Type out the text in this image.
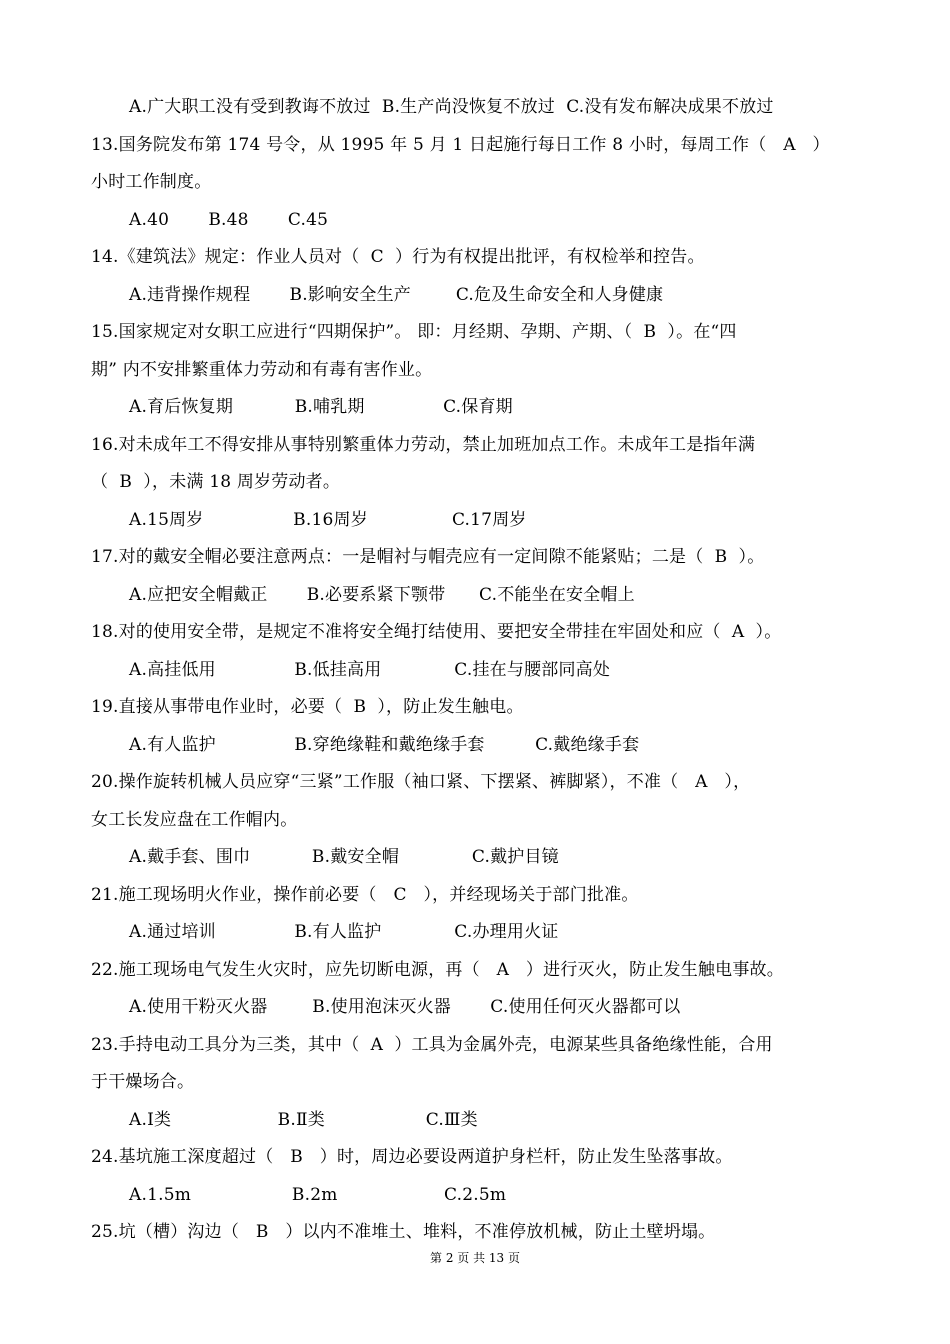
A.广大职工没有受到教诲不放过  B.生产尚没恢复不放过  C.没有发布解决成果不放过
13.国务院发布第 174 号令，从 1995 年 5 月 1 日起施行每日工作 8 小时，每周工作（   A   ）
小时工作制度。
A.40       B.48       C.45
14.《建筑法》规定：作业人员对（  C  ）行为有权提出批评，有权检举和控告。
A.违背操作规程       B.影响安全生产        C.危及生命安全和人身健康
15.国家规定对女职工应进行“四期保护”。 即：月经期、孕期、产期、（  B  ）。在“四
期” 内不安排繁重体力劳动和有毒有害作业。
A.育后恢复期           B.哺乳期              C.保育期
16.对未成年工不得安排从事特别繁重体力劳动，禁止加班加点工作。未成年工是指年满
（  B  ），未满 18 周岁劳动者。
A.15周岁                B.16周岁               C.17周岁
17.对的戴安全帽必要注意两点：一是帽衬与帽壳应有一定间隙不能紧贴；二是（  B  ）。
A.应把安全帽戴正       B.必要系紧下颚带      C.不能坐在安全帽上
18.对的使用安全带，是规定不准将安全绳打结使用、要把安全带挂在牢固处和应（  A  ）。
A.高挂低用              B.低挂高用             C.挂在与腰部同高处
19.直接从事带电作业时，必要（  B  ），防止发生触电。
A.有人监护              B.穿绝缘鞋和戴绝缘手套         C.戴绝缘手套
20.操作旋转机械人员应穿“三紧”工作服（袖口紧、下摆紧、裤脚紧），不准（   A   ），
女工长发应盘在工作帽内。
A.戴手套、围巾           B.戴安全帽             C.戴护目镜
21.施工现场明火作业，操作前必要（   C   ），并经现场关于部门批准。
A.通过培训              B.有人监护             C.办理用火证
22.施工现场电气发生火灾时，应先切断电源，再（   A   ）进行灭火，防止发生触电事故。
A.使用干粉灭火器        B.使用泡沫灭火器       C.使用任何灭火器都可以
23.手持电动工具分为三类，其中（  A  ）工具为金属外壳，电源某些具备绝缘性能，合用
于干燥场合。
A.Ⅰ类                   B.Ⅱ类                  C.Ⅲ类
24.基坑施工深度超过（   B   ）时，周边必要设两道护身栏杆，防止发生坠落事故。
A.1.5m                  B.2m                   C.2.5m
25.坑（槽）沟边（   B   ）以内不准堆土、堆料，不准停放机械，防止土壁坍塌。
第 2 页 共 13 页
